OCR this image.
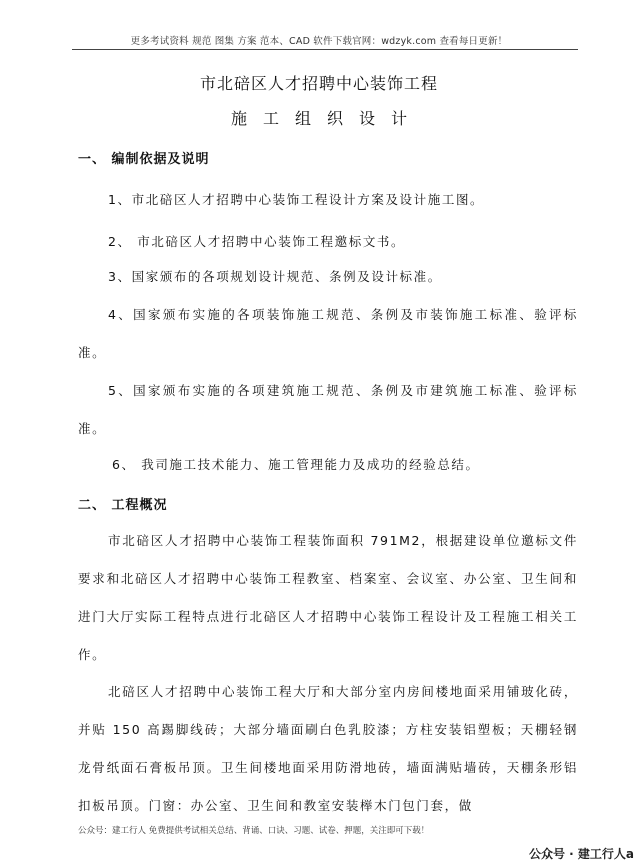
更多考试资料 规范 图集 方案 范本、CAD 软件下载官网：wdzyk.com 查看每日更新！
市北碚区人才招聘中心装饰工程
施工组织设计
一、 编制依据及说明

1、市北碚区人才招聘中心装饰工程设计方案及设计施工图。

2、 市北碚区人才招聘中心装饰工程邀标文书。

3、国家颁布的各项规划设计规范、条例及设计标准。

4、国家颁布实施的各项装饰施工规范、条例及市装饰施工标准、验评标准。

5、国家颁布实施的各项建筑施工规范、条例及市建筑施工标准、验评标准。

6、 我司施工技术能力、施工管理能力及成功的经验总结。

二、 工程概况

市北碚区人才招聘中心装饰工程装饰面积 791M2，根据建设单位邀标文件要求和北碚区人才招聘中心装饰工程教室、档案室、会议室、办公室、卫生间和进门大厅实际工程特点进行北碚区人才招聘中心装饰工程设计及工程施工相关工作。

北碚区人才招聘中心装饰工程大厅和大部分室内房间楼地面采用铺玻化砖，并贴 150 高踢脚线砖；大部分墙面刷白色乳胶漆；方柱安装铝塑板；天棚轻钢龙骨纸面石膏板吊顶。卫生间楼地面采用防滑地砖，墙面满贴墙砖，天棚条形铝扣板吊顶。门窗：办公室、卫生间和教室安装榉木门包门套，做

公众号：建工行人 免费提供考试相关总结、背诵、口诀、习题、试卷、押题，关注即可下载！
公众号 · 建工行人a
